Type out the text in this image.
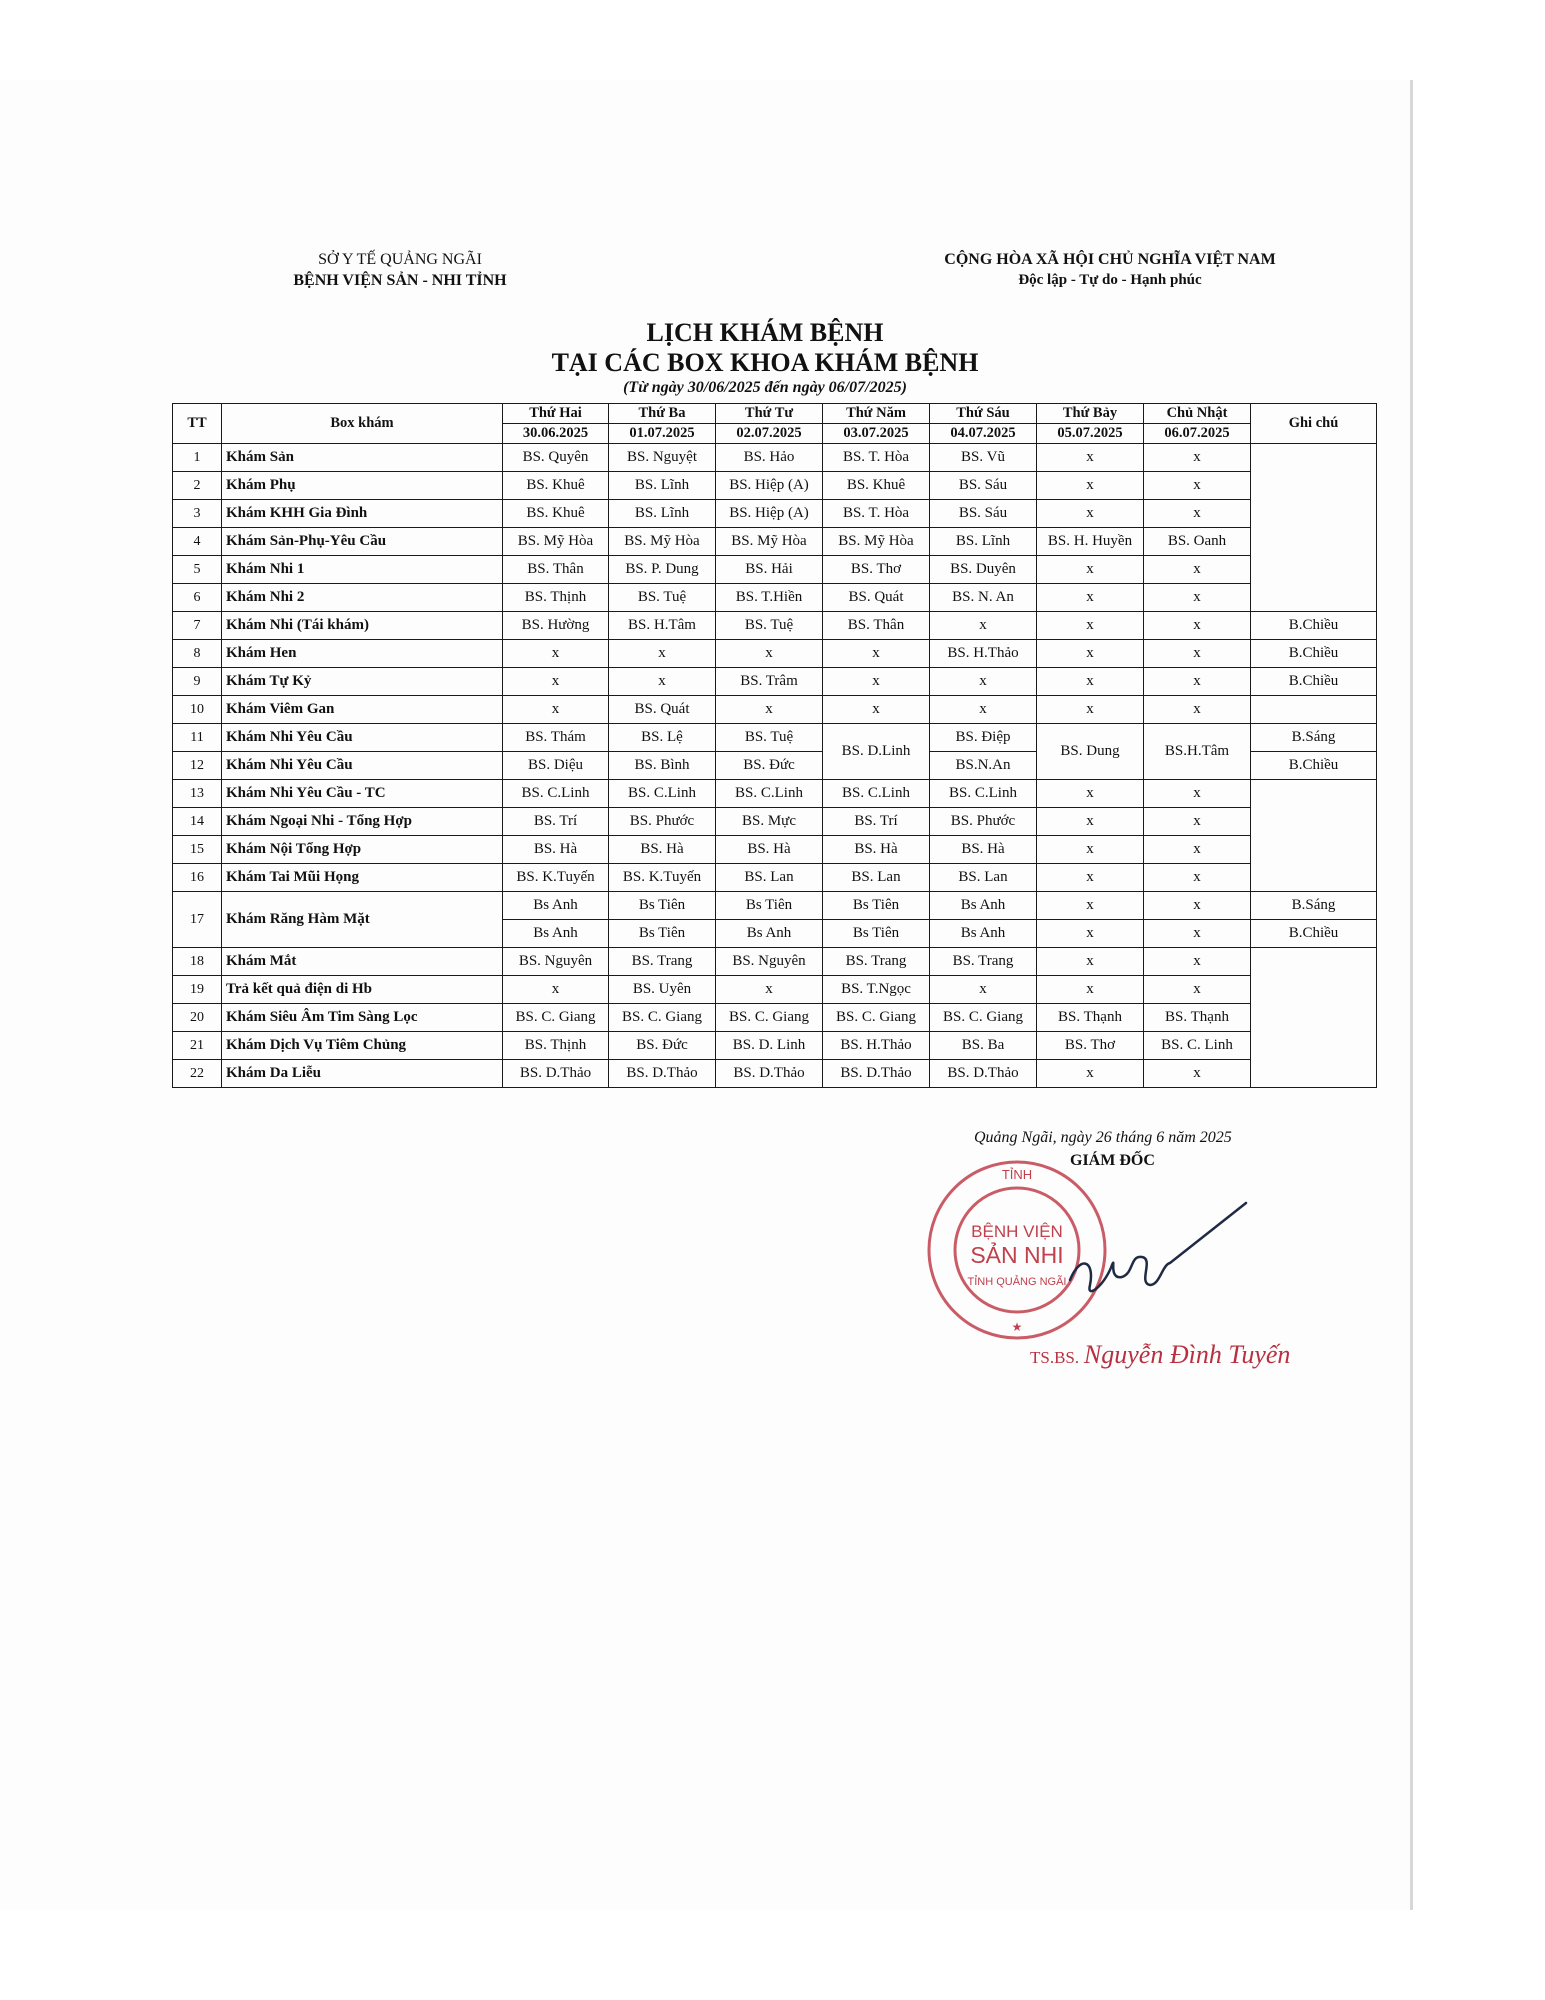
SỞ Y TẾ QUẢNG NGÃI
BỆNH VIỆN SẢN - NHI TỈNH
CỘNG HÒA XÃ HỘI CHỦ NGHĨA VIỆT NAM
Độc lập - Tự do - Hạnh phúc
LỊCH KHÁM BỆNH
TẠI CÁC BOX KHOA KHÁM BỆNH
(Từ ngày 30/06/2025 đến ngày 06/07/2025)
TT	Box khám	Thứ Hai	Thứ Ba	Thứ Tư	Thứ Năm	Thứ Sáu	Thứ Bảy	Chủ Nhật	Ghi chú
		30.06.2025	01.07.2025	02.07.2025	03.07.2025	04.07.2025	05.07.2025	06.07.2025	
1	Khám Sản	BS. Quyên	BS. Nguyệt	BS. Hảo	BS. T. Hòa	BS. Vũ	x	x	
2	Khám Phụ	BS. Khuê	BS. Lĩnh	BS. Hiệp (A)	BS. Khuê	BS. Sáu	x	x	
3	Khám KHH Gia Đình	BS. Khuê	BS. Lĩnh	BS. Hiệp (A)	BS. T. Hòa	BS. Sáu	x	x	
4	Khám Sản-Phụ-Yêu Cầu	BS. Mỹ Hòa	BS. Mỹ Hòa	BS. Mỹ Hòa	BS. Mỹ Hòa	BS. Lĩnh	BS. H. Huyền	BS. Oanh	
5	Khám Nhi 1	BS. Thân	BS. P. Dung	BS. Hải	BS. Thơ	BS. Duyên	x	x	
6	Khám Nhi 2	BS. Thịnh	BS. Tuệ	BS. T.Hiền	BS. Quát	BS. N. An	x	x	
7	Khám Nhi (Tái khám)	BS. Hường	BS. H.Tâm	BS. Tuệ	BS. Thân	x	x	x	B.Chiều
8	Khám Hen	x	x	x	x	BS. H.Thảo	x	x	B.Chiều
9	Khám Tự Kỷ	x	x	BS. Trâm	x	x	x	x	B.Chiều
10	Khám Viêm Gan	x	BS. Quát	x	x	x	x	x	
11	Khám Nhi Yêu Cầu	BS. Thám	BS. Lệ	BS. Tuệ	BS. D.Linh	BS. Điệp	BS. Dung	BS.H.Tâm	B.Sáng
12	Khám Nhi Yêu Cầu	BS. Diệu	BS. Bình	BS. Đức		BS.N.An			B.Chiều
13	Khám Nhi Yêu Cầu - TC	BS. C.Linh	BS. C.Linh	BS. C.Linh	BS. C.Linh	BS. C.Linh	x	x	
14	Khám Ngoại Nhi - Tổng Hợp	BS. Trí	BS. Phước	BS. Mực	BS. Trí	BS. Phước	x	x	
15	Khám Nội Tổng Hợp	BS. Hà	BS. Hà	BS. Hà	BS. Hà	BS. Hà	x	x	
16	Khám Tai Mũi Họng	BS. K.Tuyến	BS. K.Tuyến	BS. Lan	BS. Lan	BS. Lan	x	x	
17	Khám Răng Hàm Mặt	Bs Anh	Bs Tiên	Bs Tiên	Bs Tiên	Bs Anh	x	x	B.Sáng
		Bs Anh	Bs Tiên	Bs Anh	Bs Tiên	Bs Anh	x	x	B.Chiều
18	Khám Mắt	BS. Nguyên	BS. Trang	BS. Nguyên	BS. Trang	BS. Trang	x	x	
19	Trả kết quả điện di Hb	x	BS. Uyên	x	BS. T.Ngọc	x	x	x	
20	Khám Siêu Âm Tim Sàng Lọc	BS. C. Giang	BS. C. Giang	BS. C. Giang	BS. C. Giang	BS. C. Giang	BS. Thạnh	BS. Thạnh	
21	Khám Dịch Vụ Tiêm Chủng	BS. Thịnh	BS. Đức	BS. D. Linh	BS. H.Thảo	BS. Ba	BS. Thơ	BS. C. Linh	
22	Khám Da Liễu	BS. D.Thảo	BS. D.Thảo	BS. D.Thảo	BS. D.Thảo	BS. D.Thảo	x	x	
TỈNH
BỆNH VIỆN
SẢN NHI
TỈNH QUẢNG NGÃI
★
Quảng Ngãi, ngày 26 tháng 6 năm 2025
GIÁM ĐỐC
TS.BS. Nguyễn Đình Tuyến
